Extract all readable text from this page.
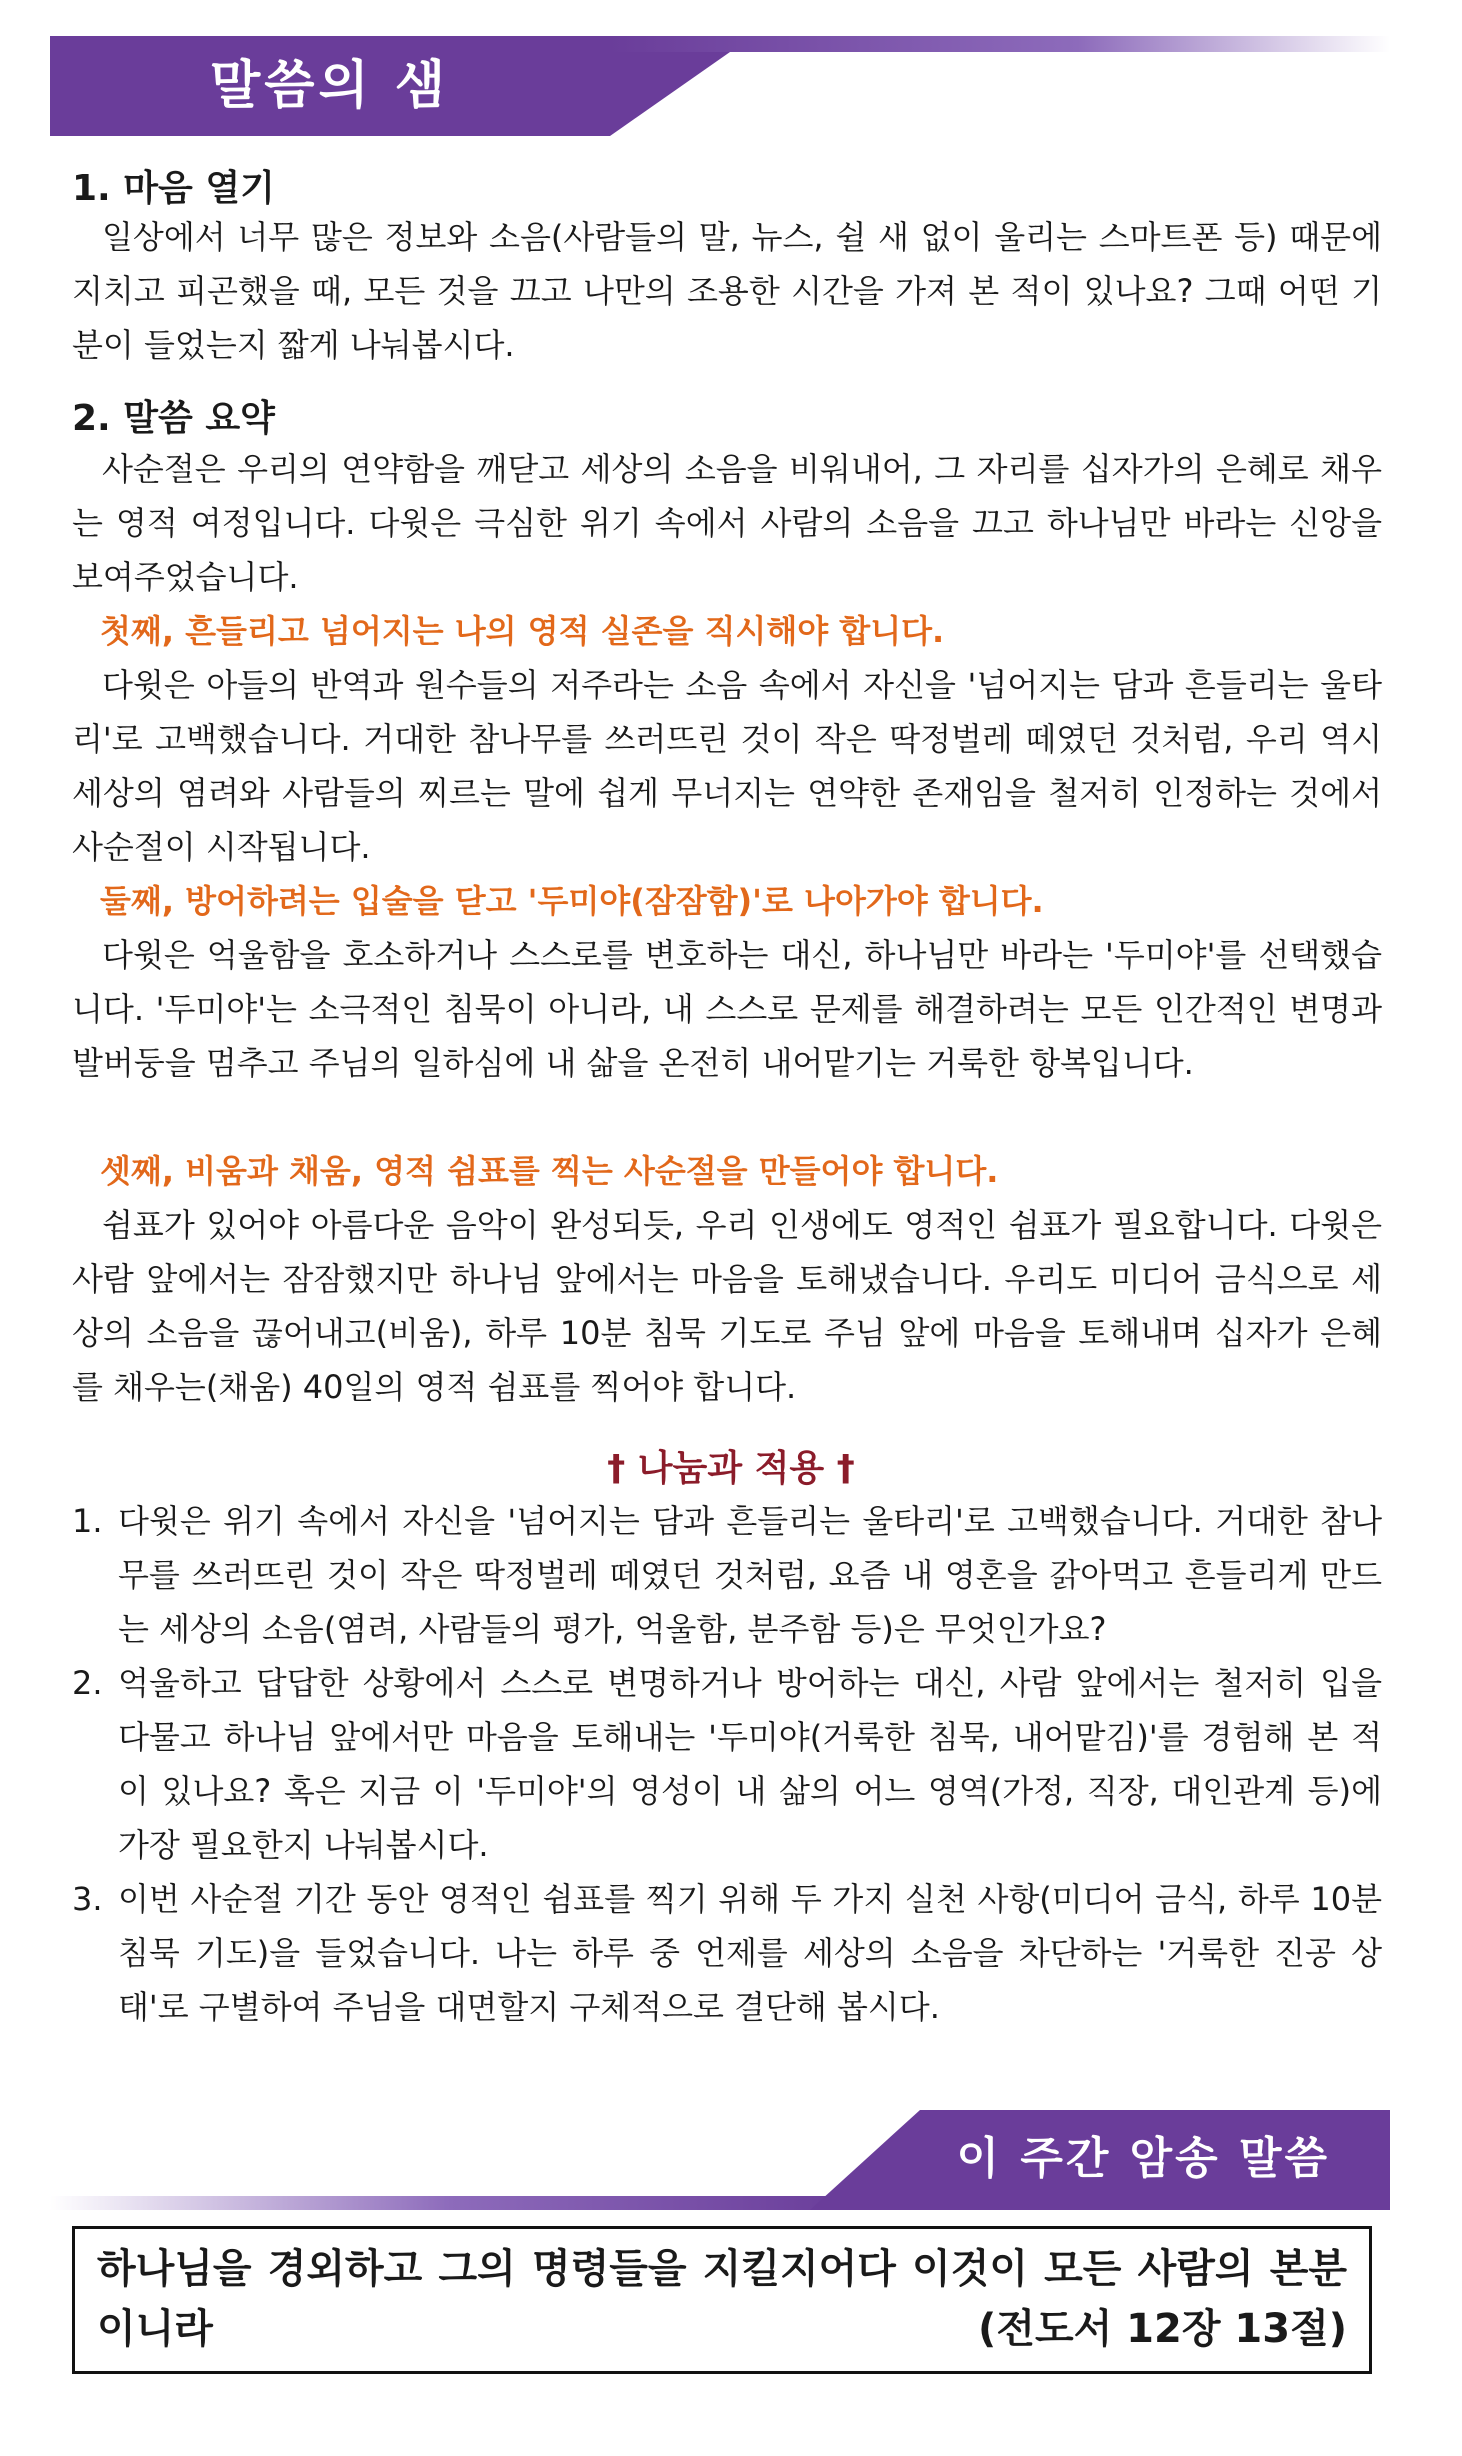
말씀의 샘
1. 마음 열기

일상에서 너무 많은 정보와 소음(사람들의 말, 뉴스, 쉴 새 없이 울리는 스마트폰 등) 때문에 지치고 피곤했을 때, 모든 것을 끄고 나만의 조용한 시간을 가져 본 적이 있나요? 그때 어떤 기분이 들었는지 짧게 나눠봅시다.

2. 말씀 요약

사순절은 우리의 연약함을 깨닫고 세상의 소음을 비워내어, 그 자리를 십자가의 은혜로 채우는 영적 여정입니다. 다윗은 극심한 위기 속에서 사람의 소음을 끄고 하나님만 바라는 신앙을 보여주었습니다.

첫째, 흔들리고 넘어지는 나의 영적 실존을 직시해야 합니다.

다윗은 아들의 반역과 원수들의 저주라는 소음 속에서 자신을 '넘어지는 담과 흔들리는 울타리'로 고백했습니다. 거대한 참나무를 쓰러뜨린 것이 작은 딱정벌레 떼였던 것처럼, 우리 역시 세상의 염려와 사람들의 찌르는 말에 쉽게 무너지는 연약한 존재임을 철저히 인정하는 것에서 사순절이 시작됩니다.

둘째, 방어하려는 입술을 닫고 '두미야(잠잠함)'로 나아가야 합니다.

다윗은 억울함을 호소하거나 스스로를 변호하는 대신, 하나님만 바라는 '두미야'를 선택했습니다. '두미야'는 소극적인 침묵이 아니라, 내 스스로 문제를 해결하려는 모든 인간적인 변명과 발버둥을 멈추고 주님의 일하심에 내 삶을 온전히 내어맡기는 거룩한 항복입니다.

셋째, 비움과 채움, 영적 쉼표를 찍는 사순절을 만들어야 합니다.

쉼표가 있어야 아름다운 음악이 완성되듯, 우리 인생에도 영적인 쉼표가 필요합니다. 다윗은 사람 앞에서는 잠잠했지만 하나님 앞에서는 마음을 토해냈습니다. 우리도 미디어 금식으로 세상의 소음을 끊어내고(비움), 하루 10분 침묵 기도로 주님 앞에 마음을 토해내며 십자가 은혜를 채우는(채움) 40일의 영적 쉼표를 찍어야 합니다.

† 나눔과 적용 †
1. 다윗은 위기 속에서 자신을 '넘어지는 담과 흔들리는 울타리'로 고백했습니다. 거대한 참나무를 쓰러뜨린 것이 작은 딱정벌레 떼였던 것처럼, 요즘 내 영혼을 갉아먹고 흔들리게 만드는 세상의 소음(염려, 사람들의 평가, 억울함, 분주함 등)은 무엇인가요?
2. 억울하고 답답한 상황에서 스스로 변명하거나 방어하는 대신, 사람 앞에서는 철저히 입을 다물고 하나님 앞에서만 마음을 토해내는 '두미야(거룩한 침묵, 내어맡김)'를 경험해 본 적이 있나요? 혹은 지금 이 '두미야'의 영성이 내 삶의 어느 영역(가정, 직장, 대인관계 등)에 가장 필요한지 나눠봅시다.
3. 이번 사순절 기간 동안 영적인 쉼표를 찍기 위해 두 가지 실천 사항(미디어 금식, 하루 10분 침묵 기도)을 들었습니다. 나는 하루 중 언제를 세상의 소음을 차단하는 '거룩한 진공 상태'로 구별하여 주님을 대면할지 구체적으로 결단해 봅시다.
이 주간 암송 말씀
하나님을 경외하고 그의 명령들을 지킬지어다 이것이 모든 사람의 본분이니라	(전도서 12장 13절)
